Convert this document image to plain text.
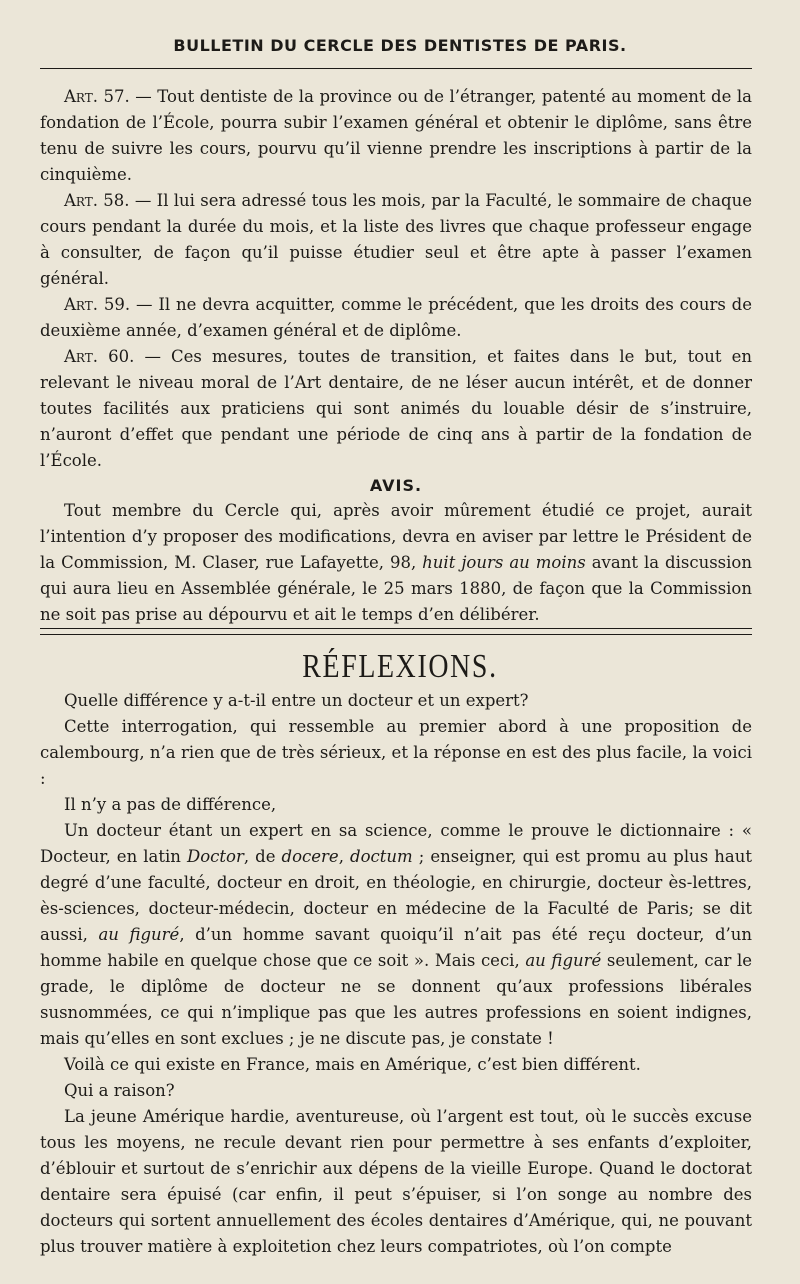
BULLETIN DU CERCLE DES DENTISTES DE PARIS.

Art. 57. — Tout dentiste de la province ou de l’étranger, patenté au moment de la fondation de l’École, pourra subir l’examen général et obtenir le diplôme, sans être tenu de suivre les cours, pourvu qu’il vienne prendre les inscriptions à partir de la cinquième.

Art. 58. — Il lui sera adressé tous les mois, par la Faculté, le sommaire de chaque cours pendant la durée du mois, et la liste des livres que chaque professeur engage à consulter, de façon qu’il puisse étudier seul et être apte à passer l’examen général.

Art. 59. — Il ne devra acquitter, comme le précédent, que les droits des cours de deuxième année, d’examen général et de diplôme.

Art. 60. — Ces mesures, toutes de transition, et faites dans le but, tout en relevant le niveau moral de l’Art dentaire, de ne léser aucun intérêt, et de donner toutes facilités aux praticiens qui sont animés du louable désir de s’instruire, n’auront d’effet que pendant une période de cinq ans à partir de la fondation de l’École.

AVIS.

Tout membre du Cercle qui, après avoir mûrement étudié ce projet, aurait l’intention d’y proposer des modifications, devra en aviser par lettre le Président de la Commission, M. Claser, rue Lafayette, 98, huit jours au moins avant la discussion qui aura lieu en Assemblée générale, le 25 mars 1880, de façon que la Commission ne soit pas prise au dépourvu et ait le temps d’en délibérer.

RÉFLEXIONS.

Quelle différence y a-t-il entre un docteur et un expert?

Cette interrogation, qui ressemble au premier abord à une proposition de calembourg, n’a rien que de très sérieux, et la réponse en est des plus facile, la voici :

Il n’y a pas de différence,

Un docteur étant un expert en sa science, comme le prouve le dictionnaire : « Docteur, en latin Doctor, de docere, doctum ; enseigner, qui est promu au plus haut degré d’une faculté, docteur en droit, en théologie, en chirurgie, docteur ès-lettres, ès-sciences, docteur-médecin, docteur en médecine de la Faculté de Paris; se dit aussi, au figuré, d’un homme savant quoiqu’il n’ait pas été reçu docteur, d’un homme habile en quelque chose que ce soit ». Mais ceci, au figuré seulement, car le grade, le diplôme de docteur ne se donnent qu’aux professions libérales susnommées, ce qui n’implique pas que les autres professions en soient indignes, mais qu’elles en sont exclues ; je ne discute pas, je constate !

Voilà ce qui existe en France, mais en Amérique, c’est bien différent.

Qui a raison?

La jeune Amérique hardie, aventureuse, où l’argent est tout, où le succès excuse tous les moyens, ne recule devant rien pour permettre à ses enfants d’exploiter, d’éblouir et surtout de s’enrichir aux dépens de la vieille Europe. Quand le doctorat dentaire sera épuisé (car enfin, il peut s’épuiser, si l’on songe au nombre des docteurs qui sortent annuellement des écoles dentaires d’Amérique, qui, ne pouvant plus trouver matière à exploitetion chez leurs compatriotes, où l’on compte
